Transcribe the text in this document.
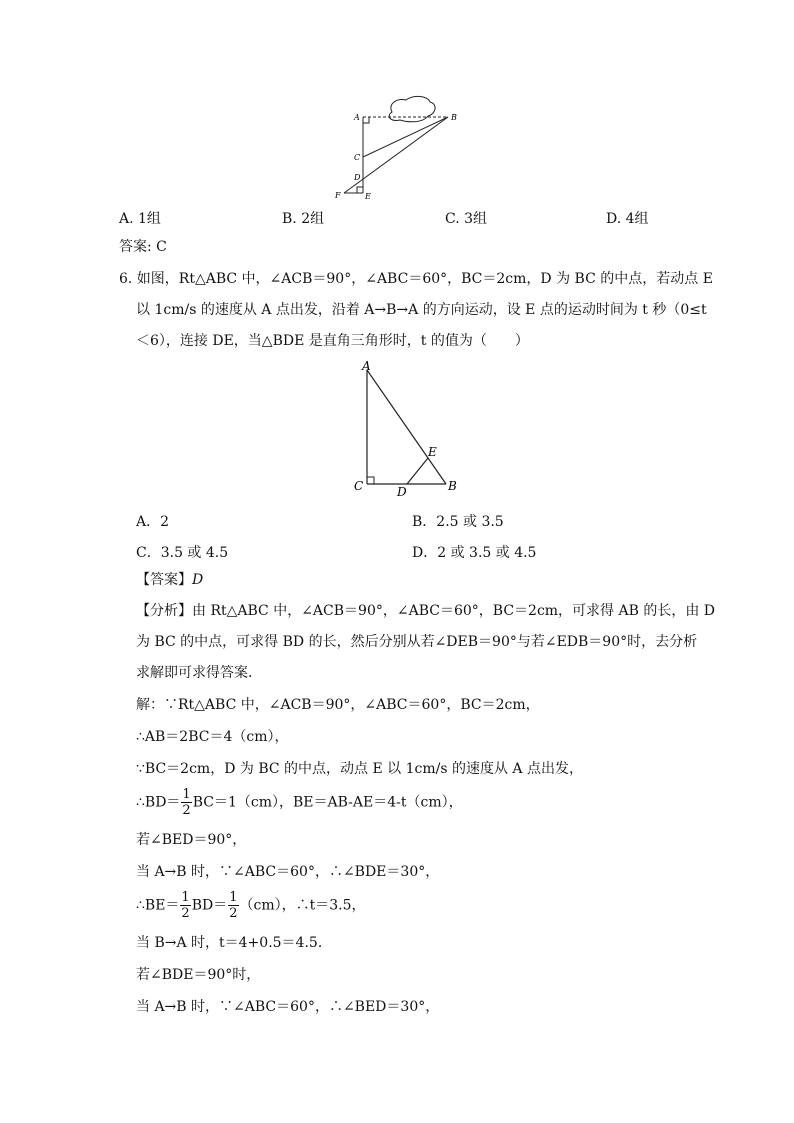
A	B
C
D
E
F
A. 1组	B. 2组	C. 3组	D. 4组
答案: C
6. 如图，Rt△ABC 中，∠ACB＝90°，∠ABC＝60°，BC＝2cm，D 为 BC 的中点，若动点 E
以 1cm/s 的速度从 A 点出发，沿着 A→B→A 的方向运动，设 E 点的运动时间为 t 秒（0≤t
＜6），连接 DE，当△BDE 是直角三角形时，t 的值为（　　）
A
C	D
E
B
A．2	B．2.5 或 3.5
C．3.5 或 4.5	D．2 或 3.5 或 4.5
【答案】D
【分析】由 Rt△ABC 中，∠ACB＝90°，∠ABC＝60°，BC＝2cm，可求得 AB 的长，由 D
为 BC 的中点，可求得 BD 的长，然后分别从若∠DEB＝90°与若∠EDB＝90°时，去分析
求解即可求得答案．
解：∵Rt△ABC 中，∠ACB＝90°，∠ABC＝60°，BC＝2cm，
∴AB＝2BC＝4（cm），
∵BC＝2cm，D 为 BC 的中点，动点 E 以 1cm/s 的速度从 A 点出发，
∴BD＝ $\frac{1}{2} BC=1(cm)$，BE＝AB-AE＝4-t（cm），
若∠BED＝90°，
当 A→B 时，∵∠ABC＝60°，∴∠BDE＝30°，
∴BE＝ $\frac{1}{2} BD= \frac{1}{2} (cm)$，∴t＝3.5，
当 B→A 时，t＝4+0.5＝4.5．
若∠BDE＝90°时，
当 A→B 时，∵∠ABC＝60°，∴∠BED＝30°，
